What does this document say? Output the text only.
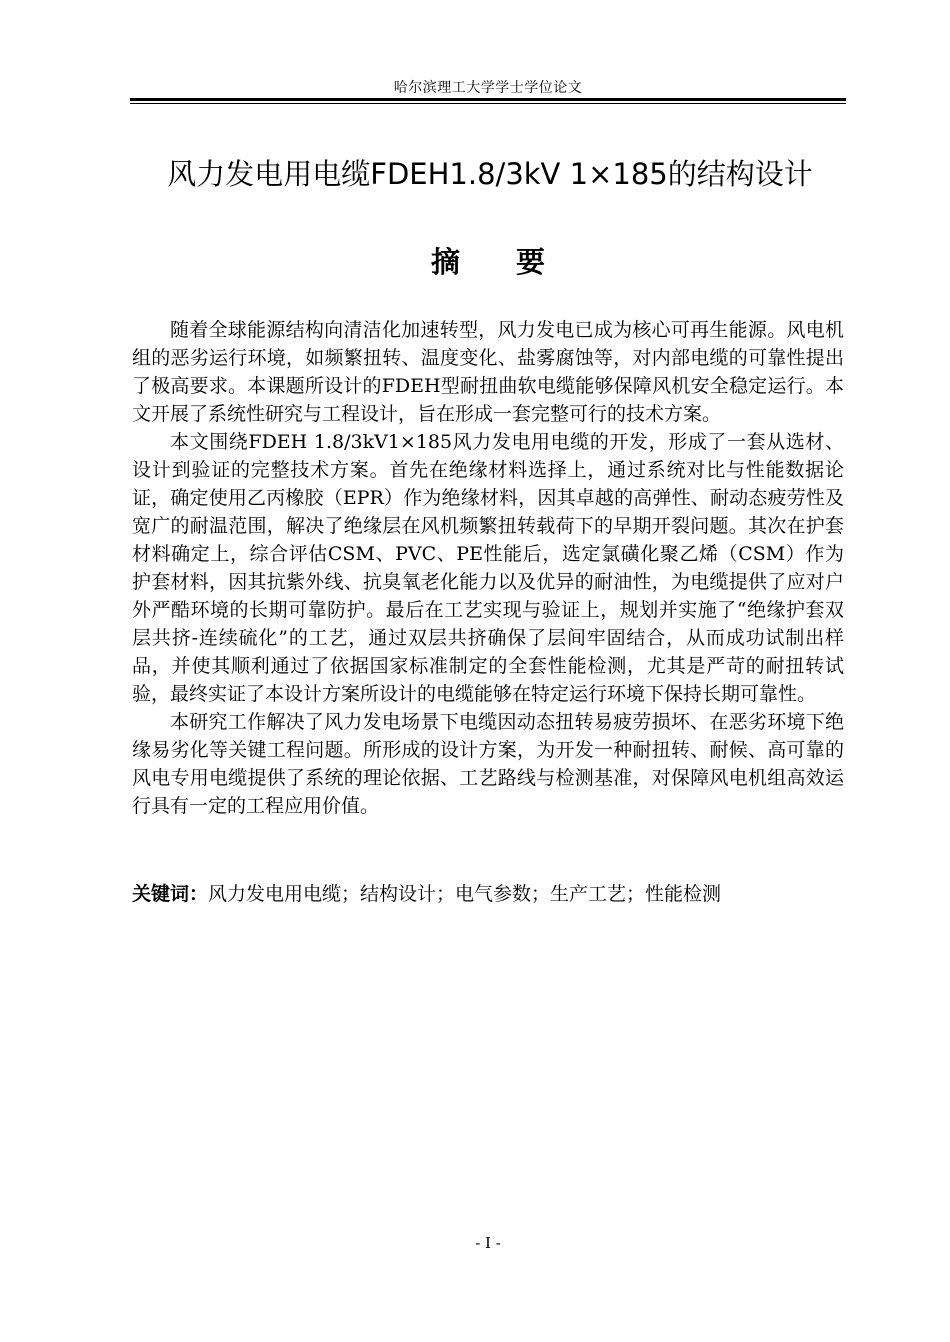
哈尔滨理工大学学士学位论文
风力发电用电缆FDEH1.8/3kV 1×185的结构设计
摘要

随着全球能源结构向清洁化加速转型，风力发电已成为核心可再生能源。风电机组的恶劣运行环境，如频繁扭转、温度变化、盐雾腐蚀等，对内部电缆的可靠性提出了极高要求。本课题所设计的FDEH型耐扭曲软电缆能够保障风机安全稳定运行。本文开展了系统性研究与工程设计，旨在形成一套完整可行的技术方案。

本文围绕FDEH 1.8/3kV1×185风力发电用电缆的开发，形成了一套从选材、设计到验证的完整技术方案。首先在绝缘材料选择上，通过系统对比与性能数据论证，确定使用乙丙橡胶（EPR）作为绝缘材料，因其卓越的高弹性、耐动态疲劳性及宽广的耐温范围，解决了绝缘层在风机频繁扭转载荷下的早期开裂问题。其次在护套材料确定上，综合评估CSM、PVC、PE性能后，选定氯磺化聚乙烯（CSM）作为护套材料，因其抗紫外线、抗臭氧老化能力以及优异的耐油性，为电缆提供了应对户外严酷环境的长期可靠防护。最后在工艺实现与验证上，规划并实施了“绝缘护套双层共挤-连续硫化”的工艺，通过双层共挤确保了层间牢固结合，从而成功试制出样品，并使其顺利通过了依据国家标准制定的全套性能检测，尤其是严苛的耐扭转试验，最终实证了本设计方案所设计的电缆能够在特定运行环境下保持长期可靠性。

本研究工作解决了风力发电场景下电缆因动态扭转易疲劳损坏、在恶劣环境下绝缘易劣化等关键工程问题。所形成的设计方案，为开发一种耐扭转、耐候、高可靠的风电专用电缆提供了系统的理论依据、工艺路线与检测基准，对保障风电机组高效运行具有一定的工程应用价值。

关键词：风力发电用电缆；结构设计；电气参数；生产工艺；性能检测
- I -
